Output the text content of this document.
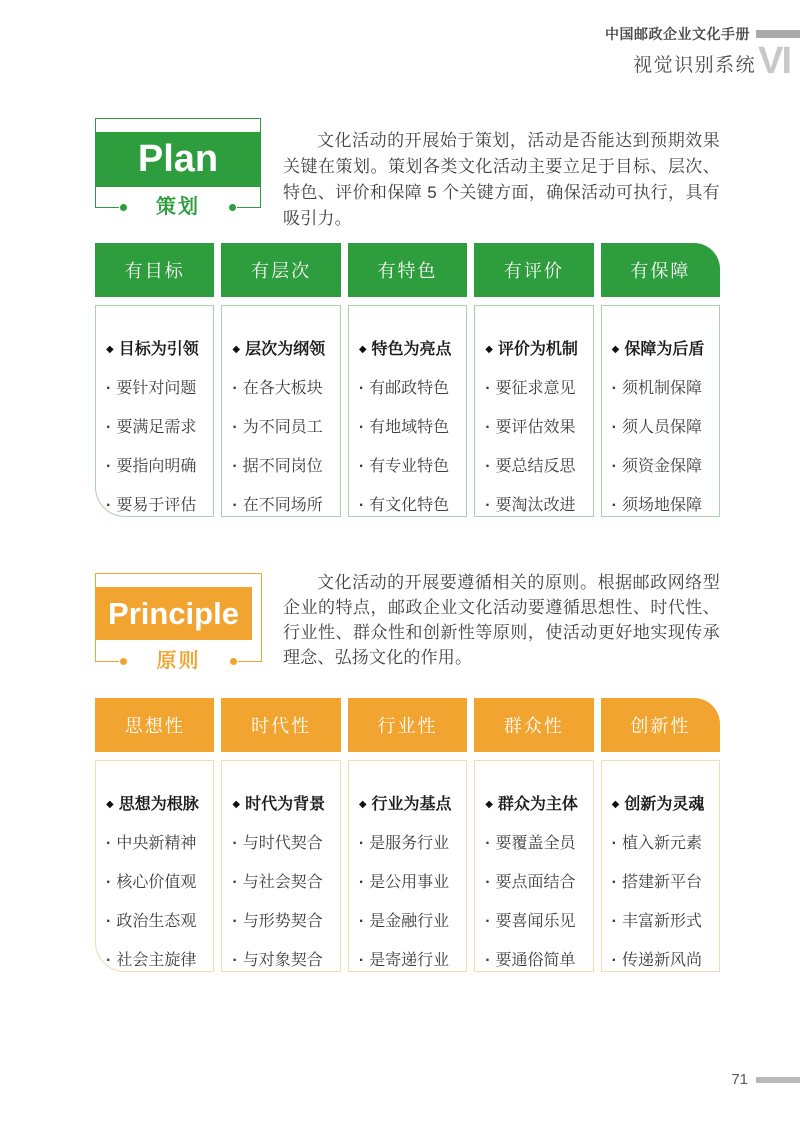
中国邮政企业文化手册
视觉识别系统 VI
Plan
策划

文化活动的开展始于策划，活动是否能达到预期效果关键在策划。策划各类文化活动主要立足于目标、层次、特色、评价和保障 5 个关键方面，确保活动可执行，具有吸引力。

有目标
◆ 目标为引领
· 要针对问题
· 要满足需求
· 要指向明确
· 要易于评估
有层次
◆ 层次为纲领
· 在各大板块
· 为不同员工
· 据不同岗位
· 在不同场所
有特色
◆ 特色为亮点
· 有邮政特色
· 有地域特色
· 有专业特色
· 有文化特色
有评价
◆ 评价为机制
· 要征求意见
· 要评估效果
· 要总结反思
· 要淘汰改进
有保障
◆ 保障为后盾
· 须机制保障
· 须人员保障
· 须资金保障
· 须场地保障
Principle
原则

文化活动的开展要遵循相关的原则。根据邮政网络型企业的特点，邮政企业文化活动要遵循思想性、时代性、行业性、群众性和创新性等原则，使活动更好地实现传承理念、弘扬文化的作用。

思想性
◆ 思想为根脉
· 中央新精神
· 核心价值观
· 政治生态观
· 社会主旋律
时代性
◆ 时代为背景
· 与时代契合
· 与社会契合
· 与形势契合
· 与对象契合
行业性
◆ 行业为基点
· 是服务行业
· 是公用事业
· 是金融行业
· 是寄递行业
群众性
◆ 群众为主体
· 要覆盖全员
· 要点面结合
· 要喜闻乐见
· 要通俗简单
创新性
◆ 创新为灵魂
· 植入新元素
· 搭建新平台
· 丰富新形式
· 传递新风尚
71
